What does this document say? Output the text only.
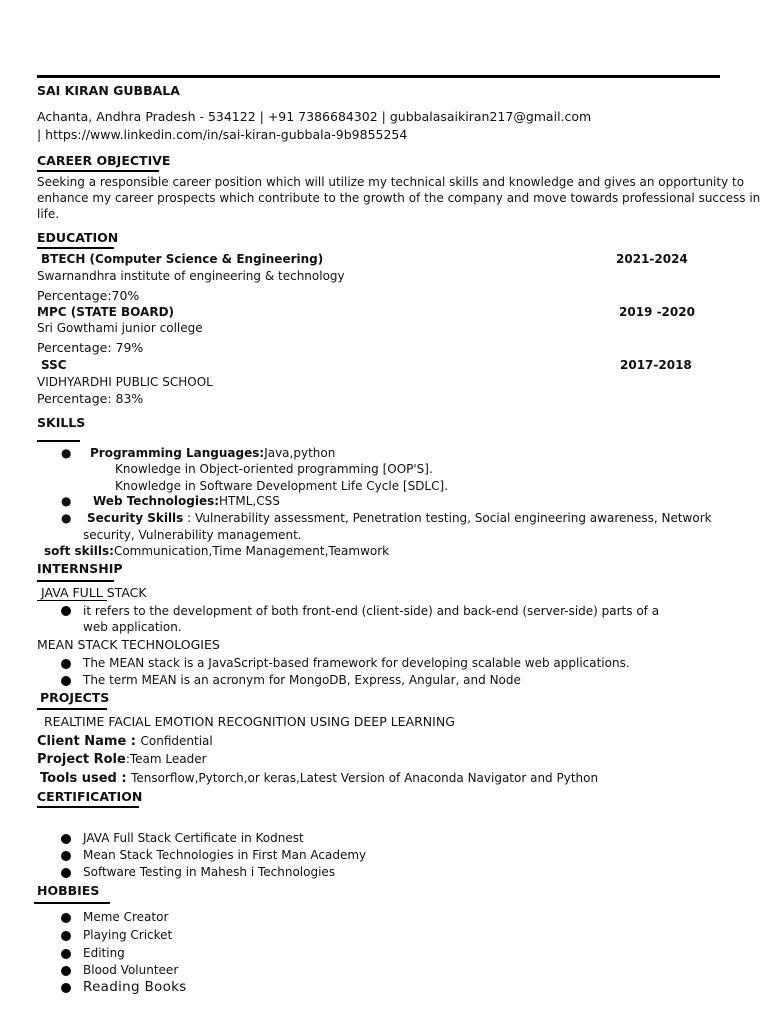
SAI KIRAN GUBBALA
Achanta, Andhra Pradesh - 534122 | +91 7386684302 | gubbalasaikiran217@gmail.com
| https://www.linkedin.com/in/sai-kiran-gubbala-9b9855254
CAREER OBJECTIVE
Seeking a responsible career position which will utilize my technical skills and knowledge and gives an opportunity to
enhance my career prospects which contribute to the growth of the company and move towards professional success in
life.
EDUCATION
BTECH (Computer Science & Engineering)	2021-2024
Swarnandhra institute of engineering & technology
Percentage:70%
MPC (STATE BOARD)	2019 -2020
Sri Gowthami junior college
Percentage: 79%
SSC	2017-2018
VIDHYARDHI PUBLIC SCHOOL
Percentage: 83%
SKILLS
● Programming Languages:Java,python
Knowledge in Object-oriented programming [OOP'S].
Knowledge in Software Development Life Cycle [SDLC].
● Web Technologies:HTML,CSS
● Security Skills : Vulnerability assessment, Penetration testing, Social engineering awareness, Network
security, Vulnerability management.
soft skills:Communication,Time Management,Teamwork
INTERNSHIP
JAVA FULL STACK
it refers to the development of both front-end (client-side) and back-end (server-side) parts of a
web application.
MEAN STACK TECHNOLOGIES
The MEAN stack is a JavaScript-based framework for developing scalable web applications.
The term MEAN is an acronym for MongoDB, Express, Angular, and Node
PROJECTS
REALTIME FACIAL EMOTION RECOGNITION USING DEEP LEARNING
Client Name : Confidential
Project Role:Team Leader
Tools used : Tensorflow,Pytorch,or keras,Latest Version of Anaconda Navigator and Python
CERTIFICATION
JAVA Full Stack Certificate in Kodnest
Mean Stack Technologies in First Man Academy
Software Testing in Mahesh i Technologies
HOBBIES
Meme Creator
Playing Cricket
Editing
Blood Volunteer
Reading Books
